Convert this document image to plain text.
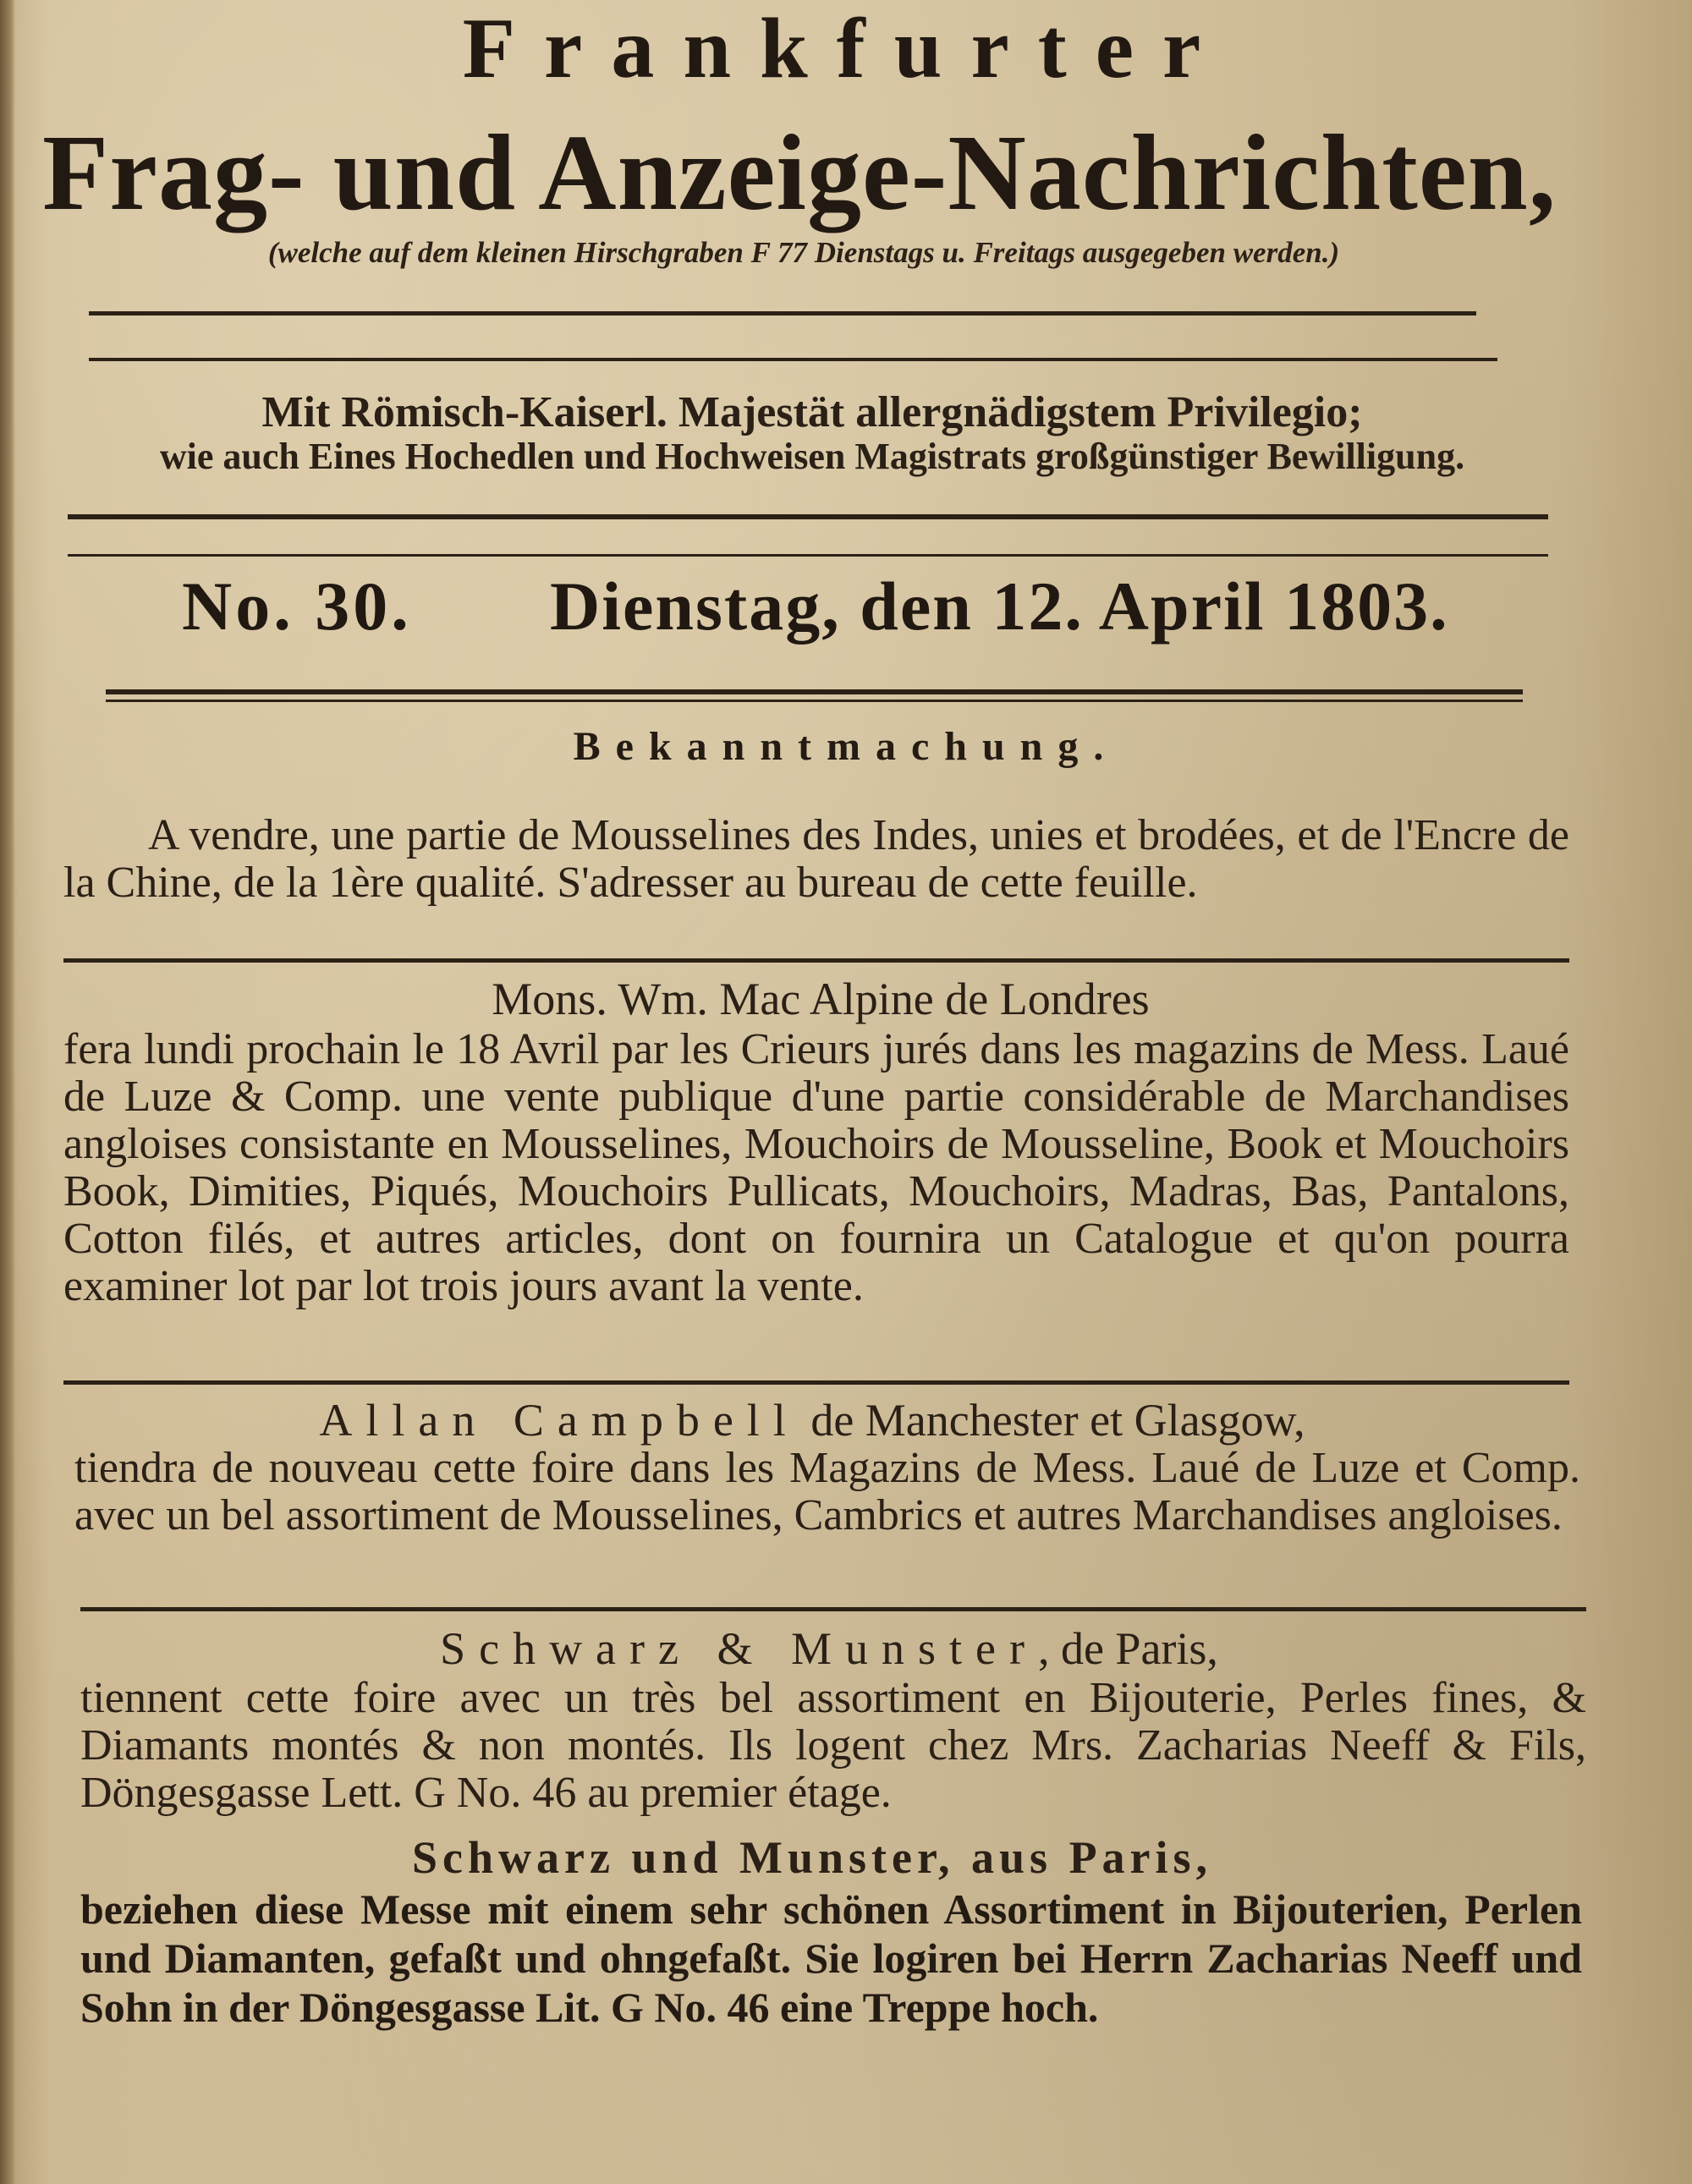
Frankfurter
Frag- und Anzeige-Nachrichten,
(welche auf dem kleinen Hirschgraben F 77 Dienstags u. Freitags ausgegeben werden.)
Mit Römisch-Kaiserl. Majestät allergnädigstem Privilegio;
wie auch Eines Hochedlen und Hochweisen Magistrats großgünstiger Bewilligung.
No. 30. Dienstag, den 12. April 1803.
Bekanntmachung.
A vendre, une partie de Mousselines des Indes, unies et brodées, et de l'Encre de la Chine, de la 1ère qualité. S'adresser au bureau de cette feuille.
Mons. Wm. Mac Alpine de Londres
fera lundi prochain le 18 Avril par les Crieurs jurés dans les magazins de Mess. Laué de Luze & Comp. une vente publique d'une partie considérable de Marchandises angloises consistante en Mousselines, Mouchoirs de Mousseline, Book et Mouchoirs Book, Dimities, Piqués, Mouchoirs Pullicats, Mouchoirs, Madras, Bas, Pantalons, Cotton filés, et autres articles, dont on fournira un Catalogue et qu'on pourra examiner lot par lot trois jours avant la vente.
Allan Campbell de Manchester et Glasgow,
tiendra de nouveau cette foire dans les Magazins de Mess. Laué de Luze et Comp. avec un bel assortiment de Mousselines, Cambrics et autres Marchandises angloises.
Schwarz & Munster, de Paris,
tiennent cette foire avec un très bel assortiment en Bijouterie, Perles fines, & Diamants montés & non montés. Ils logent chez Mrs. Zacharias Neeff & Fils, Döngesgasse Lett. G No. 46 au premier étage.
Schwarz und Munster, aus Paris,
beziehen diese Messe mit einem sehr schönen Assortiment in Bijouterien, Perlen und Diamanten, gefaßt und ohngefaßt. Sie logiren bei Herrn Zacharias Neeff und Sohn in der Döngesgasse Lit. G No. 46 eine Treppe hoch.
